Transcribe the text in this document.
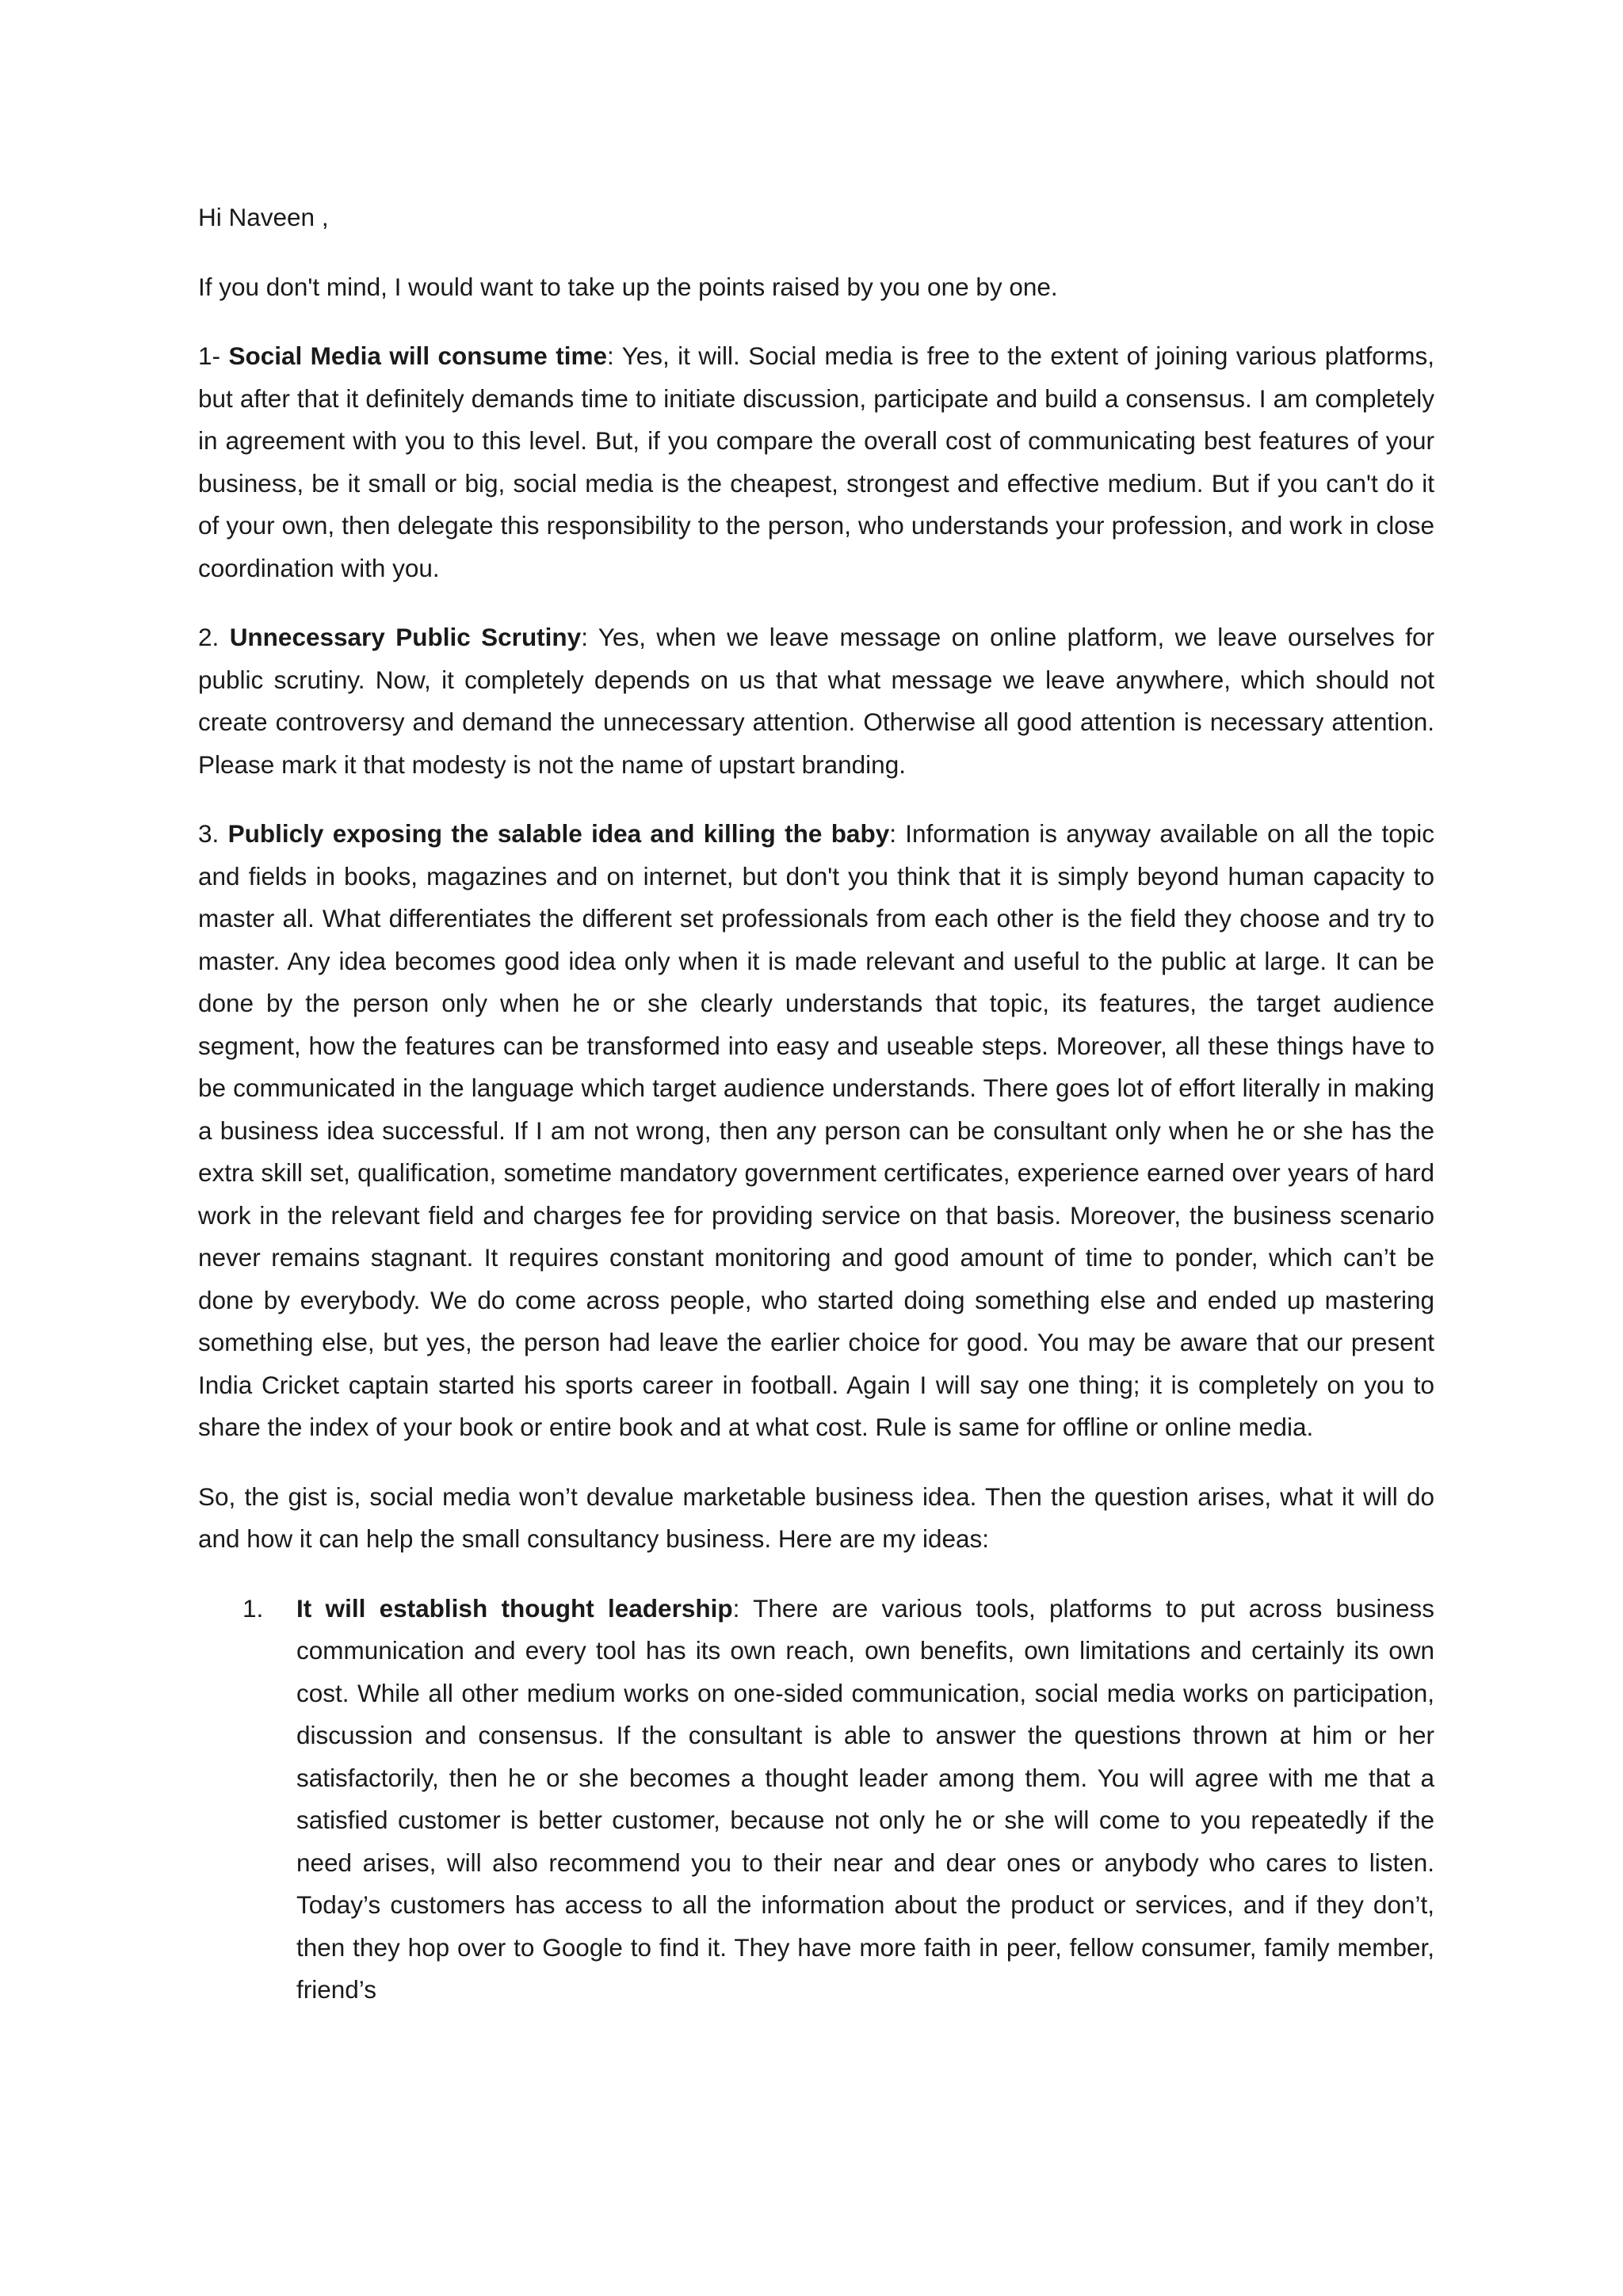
Hi Naveen ,

If you don't mind, I would want to take up the points raised by you one by one.

1- Social Media will consume time: Yes, it will. Social media is free to the extent of joining various platforms, but after that it definitely demands time to initiate discussion, participate and build a consensus. I am completely in agreement with you to this level. But, if you compare the overall cost of communicating best features of your business, be it small or big, social media is the cheapest, strongest and effective medium. But if you can't do it of your own, then delegate this responsibility to the person, who understands your profession, and work in close coordination with you.

2. Unnecessary Public Scrutiny: Yes, when we leave message on online platform, we leave ourselves for public scrutiny. Now, it completely depends on us that what message we leave anywhere, which should not create controversy and demand the unnecessary attention. Otherwise all good attention is necessary attention. Please mark it that modesty is not the name of upstart branding.

3. Publicly exposing the salable idea and killing the baby: Information is anyway available on all the topic and fields in books, magazines and on internet, but don't you think that it is simply beyond human capacity to master all. What differentiates the different set professionals from each other is the field they choose and try to master. Any idea becomes good idea only when it is made relevant and useful to the public at large. It can be done by the person only when he or she clearly understands that topic, its features, the target audience segment, how the features can be transformed into easy and useable steps. Moreover, all these things have to be communicated in the language which target audience understands. There goes lot of effort literally in making a business idea successful. If I am not wrong, then any person can be consultant only when he or she has the extra skill set, qualification, sometime mandatory government certificates, experience earned over years of hard work in the relevant field and charges fee for providing service on that basis. Moreover, the business scenario never remains stagnant. It requires constant monitoring and good amount of time to ponder, which can’t be done by everybody. We do come across people, who started doing something else and ended up mastering something else, but yes, the person had leave the earlier choice for good. You may be aware that our present India Cricket captain started his sports career in football. Again I will say one thing; it is completely on you to share the index of your book or entire book and at what cost. Rule is same for offline or online media.

So, the gist is, social media won’t devalue marketable business idea. Then the question arises, what it will do and how it can help the small consultancy business. Here are my ideas:

1. It will establish thought leadership: There are various tools, platforms to put across business communication and every tool has its own reach, own benefits, own limitations and certainly its own cost. While all other medium works on one-sided communication, social media works on participation, discussion and consensus. If the consultant is able to answer the questions thrown at him or her satisfactorily, then he or she becomes a thought leader among them. You will agree with me that a satisfied customer is better customer, because not only he or she will come to you repeatedly if the need arises, will also recommend you to their near and dear ones or anybody who cares to listen. Today’s customers has access to all the information about the product or services, and if they don’t, then they hop over to Google to find it. They have more faith in peer, fellow consumer, family member, friend’s
